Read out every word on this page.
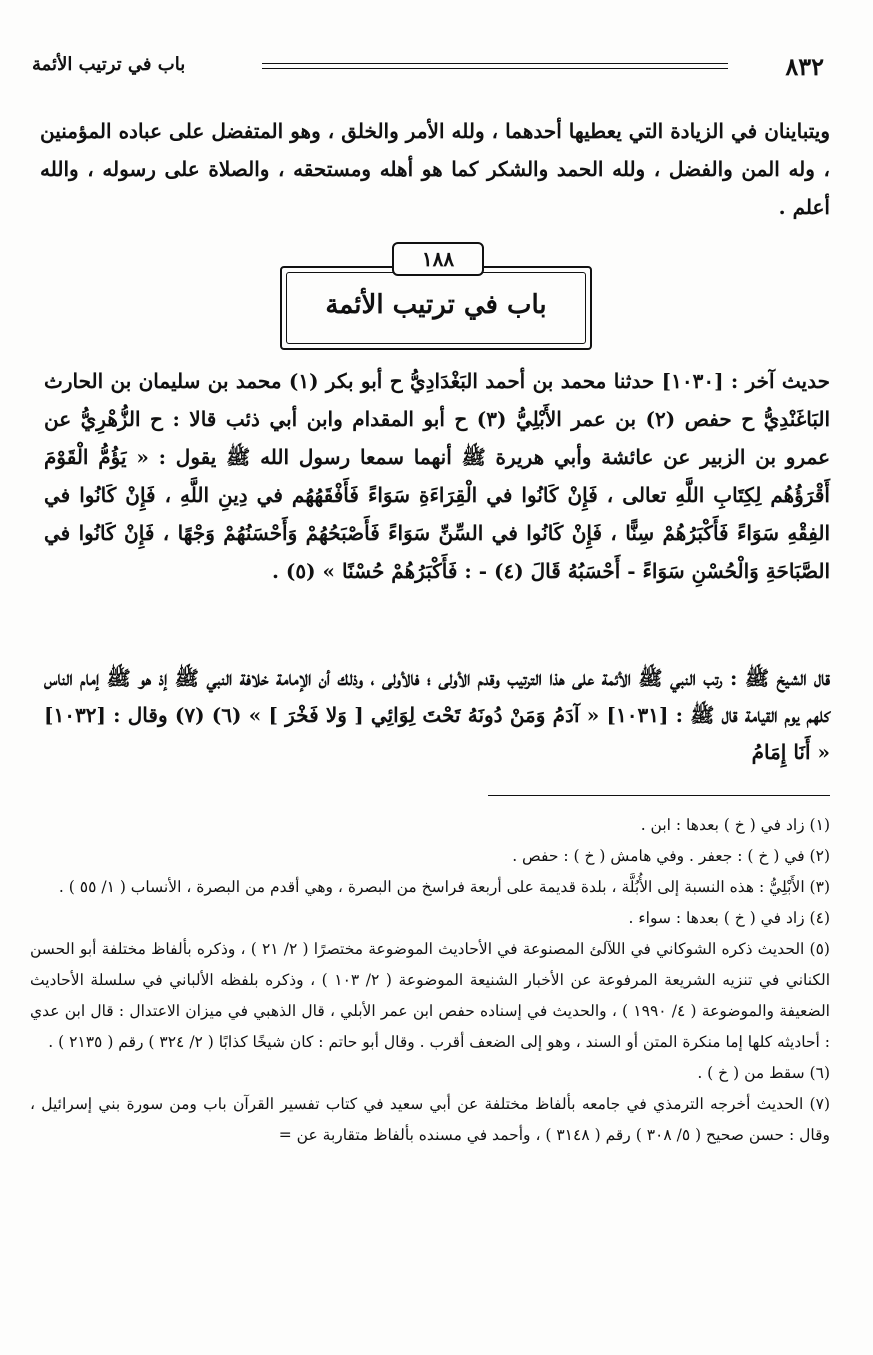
٨٣٢
باب في ترتيب الأئمة
ويتباينان في الزيادة التي يعطيها أحدهما ، ولله الأمر والخلق ، وهو المتفضل على عباده المؤمنين ، وله المن والفضل ، ولله الحمد والشكر كما هو أهله ومستحقه ، والصلاة على رسوله ، والله أعلم .
باب في ترتيب الأئمة
١٨٨
حديث آخر : [١٠٣٠] حدثنا محمد بن أحمد البَغْدَادِيُّ ح أبو بكر (١) محمد بن سليمان بن الحارث البَاغَنْدِيُّ ح حفص (٢) بن عمر الأَبْلِيُّ (٣) ح أبو المقدام وابن أبي ذئب قالا : ح الزُّهْرِيُّ عن عمرو بن الزبير عن عائشة وأبي هريرة ﷺ أنهما سمعا رسول الله ﷺ يقول : « يَؤُمُّ الْقَوْمَ أَقْرَؤُهُم لِكِتَابِ اللَّهِ تعالى ، فَإِنْ كَانُوا في الْقِرَاءَةِ سَوَاءً فَأَفْقَهُهُم في دِينِ اللَّهِ ، فَإِنْ كَانُوا في الفِقْهِ سَوَاءً فَأَكْبَرُهُمْ سِنًّا ، فَإِنْ كَانُوا في السِّنِّ سَوَاءً فَأَصْبَحُهُمْ وَأَحْسَنُهُمْ وَجْهًا ، فَإِنْ كَانُوا في الصَّبَاحَةِ وَالْحُسْنِ سَوَاءً - أَحْسَبُهُ قَالَ (٤) - : فَأَكْبَرُهُمْ حُسْنًا » (٥) .
قال الشيخ ﷺ : رتب النبي ﷺ الأئمة على هذا الترتيب وقدم الأولى ؛ فالأولى ، وذلك أن الإمامة خلافة النبي ﷺ إذ هو ﷺ إمام الناس كلهم يوم القيامة قال ﷺ : [١٠٣١] « آدَمُ وَمَنْ دُونَهُ تَحْتَ لِوَائِي [ وَلا فَخْرَ ] » (٦) (٧) وقال : [١٠٣٢] « أَنَا إِمَامُ
(١) زاد في ( خ ) بعدها : ابن .
(٢) في ( خ ) : جعفر . وفي هامش ( خ ) : حفص .
(٣) الأَبْلِيُّ : هذه النسبة إلى الأُبُلَّة ، بلدة قديمة على أربعة فراسخ من البصرة ، وهي أقدم من البصرة ، الأنساب ( ١/ ٥٥ ) .
(٤) زاد في ( خ ) بعدها : سواء .
(٥) الحديث ذكره الشوكاني في اللآلئ المصنوعة في الأحاديث الموضوعة مختصرًا ( ٢/ ٢١ ) ، وذكره بألفاظ مختلفة أبو الحسن الكناني في تنزيه الشريعة المرفوعة عن الأخبار الشنيعة الموضوعة ( ٢/ ١٠٣ ) ، وذكره بلفظه الألباني في سلسلة الأحاديث الضعيفة والموضوعة ( ٤/ ١٩٩٠ ) ، والحديث في إسناده حفص ابن عمر الأبلي ، قال الذهبي في ميزان الاعتدال : قال ابن عدي : أحاديثه كلها إما منكرة المتن أو السند ، وهو إلى الضعف أقرب . وقال أبو حاتم : كان شيخًا كذابًا ( ٢/ ٣٢٤ ) رقم ( ٢١٣٥ ) .
(٦) سقط من ( خ ) .
(٧) الحديث أخرجه الترمذي في جامعه بألفاظ مختلفة عن أبي سعيد في كتاب تفسير القرآن باب ومن سورة بني إسرائيل ، وقال : حسن صحيح ( ٥/ ٣٠٨ ) رقم ( ٣١٤٨ ) ، وأحمد في مسنده بألفاظ متقاربة عن =
